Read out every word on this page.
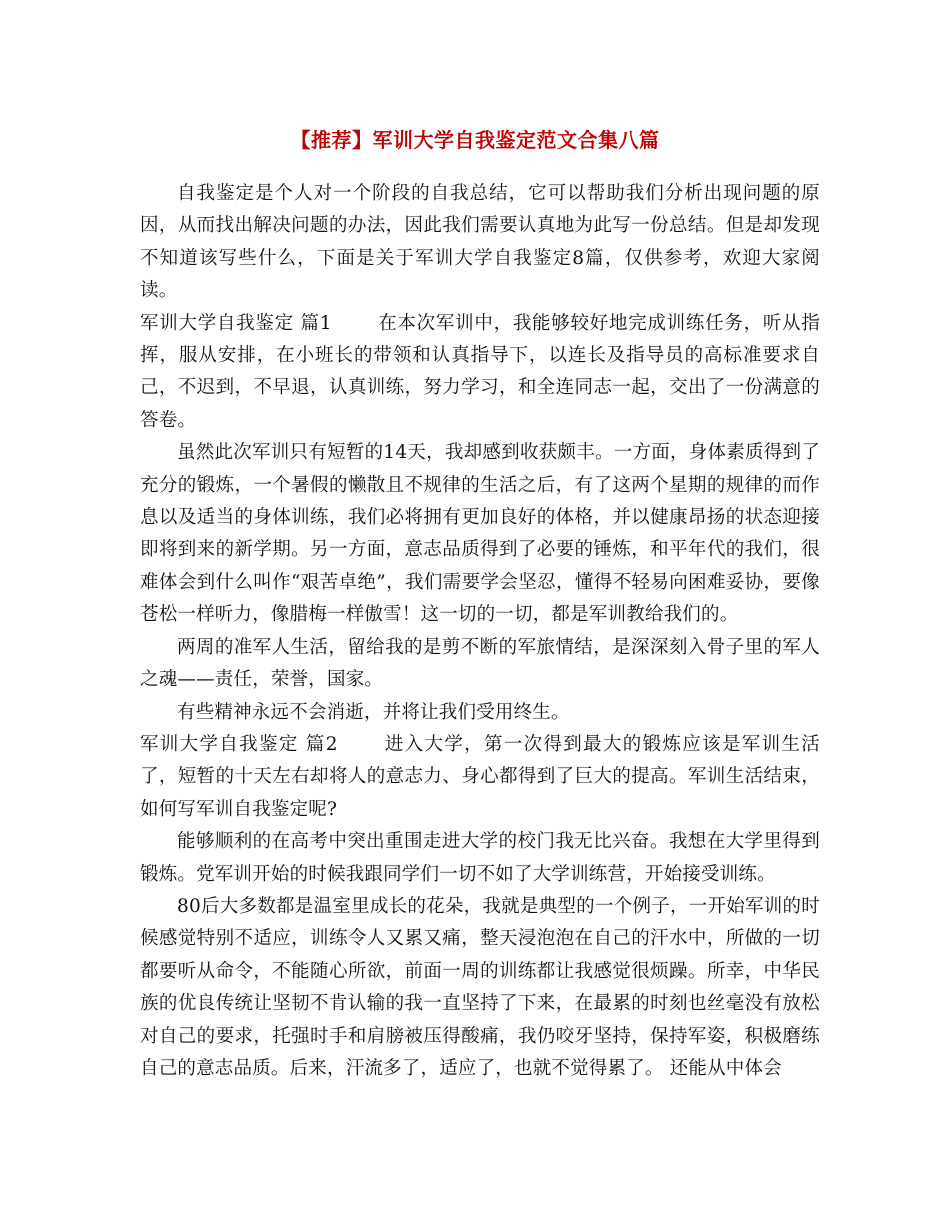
【推荐】军训大学自我鉴定范文合集八篇

自我鉴定是个人对一个阶段的自我总结，它可以帮助我们分析出现问题的原因，从而找出解决问题的办法，因此我们需要认真地为此写一份总结。但是却发现不知道该写些什么，下面是关于军训大学自我鉴定8篇，仅供参考，欢迎大家阅读。

军训大学自我鉴定 篇1 在本次军训中，我能够较好地完成训练任务，听从指挥，服从安排，在小班长的带领和认真指导下，以连长及指导员的高标准要求自己，不迟到，不早退，认真训练，努力学习，和全连同志一起，交出了一份满意的答卷。

虽然此次军训只有短暂的14天，我却感到收获颇丰。一方面，身体素质得到了充分的锻炼，一个暑假的懒散且不规律的生活之后，有了这两个星期的规律的而作息以及适当的身体训练，我们必将拥有更加良好的体格，并以健康昂扬的状态迎接即将到来的新学期。另一方面，意志品质得到了必要的锤炼，和平年代的我们，很难体会到什么叫作“艰苦卓绝”，我们需要学会坚忍，懂得不轻易向困难妥协，要像苍松一样听力，像腊梅一样傲雪！这一切的一切，都是军训教给我们的。

两周的准军人生活，留给我的是剪不断的军旅情结，是深深刻入骨子里的军人之魂——责任，荣誉，国家。

有些精神永远不会消逝，并将让我们受用终生。

军训大学自我鉴定 篇2 进入大学，第一次得到最大的锻炼应该是军训生活了，短暂的十天左右却将人的意志力、身心都得到了巨大的提高。军训生活结束，如何写军训自我鉴定呢?

能够顺利的在高考中突出重围走进大学的校门我无比兴奋。我想在大学里得到锻炼。党军训开始的时候我跟同学们一切不如了大学训练营，开始接受训练。

80后大多数都是温室里成长的花朵，我就是典型的一个例子，一开始军训的时候感觉特别不适应，训练令人又累又痛，整天浸泡泡在自己的汗水中，所做的一切都要听从命令，不能随心所欲，前面一周的训练都让我感觉很烦躁。所幸，中华民族的优良传统让坚韧不肯认输的我一直坚持了下来，在最累的时刻也丝毫没有放松对自己的要求，托强时手和肩膀被压得酸痛，我仍咬牙坚持，保持军姿，积极磨练自己的意志品质。后来，汗流多了，适应了，也就不觉得累了。 还能从中体会
